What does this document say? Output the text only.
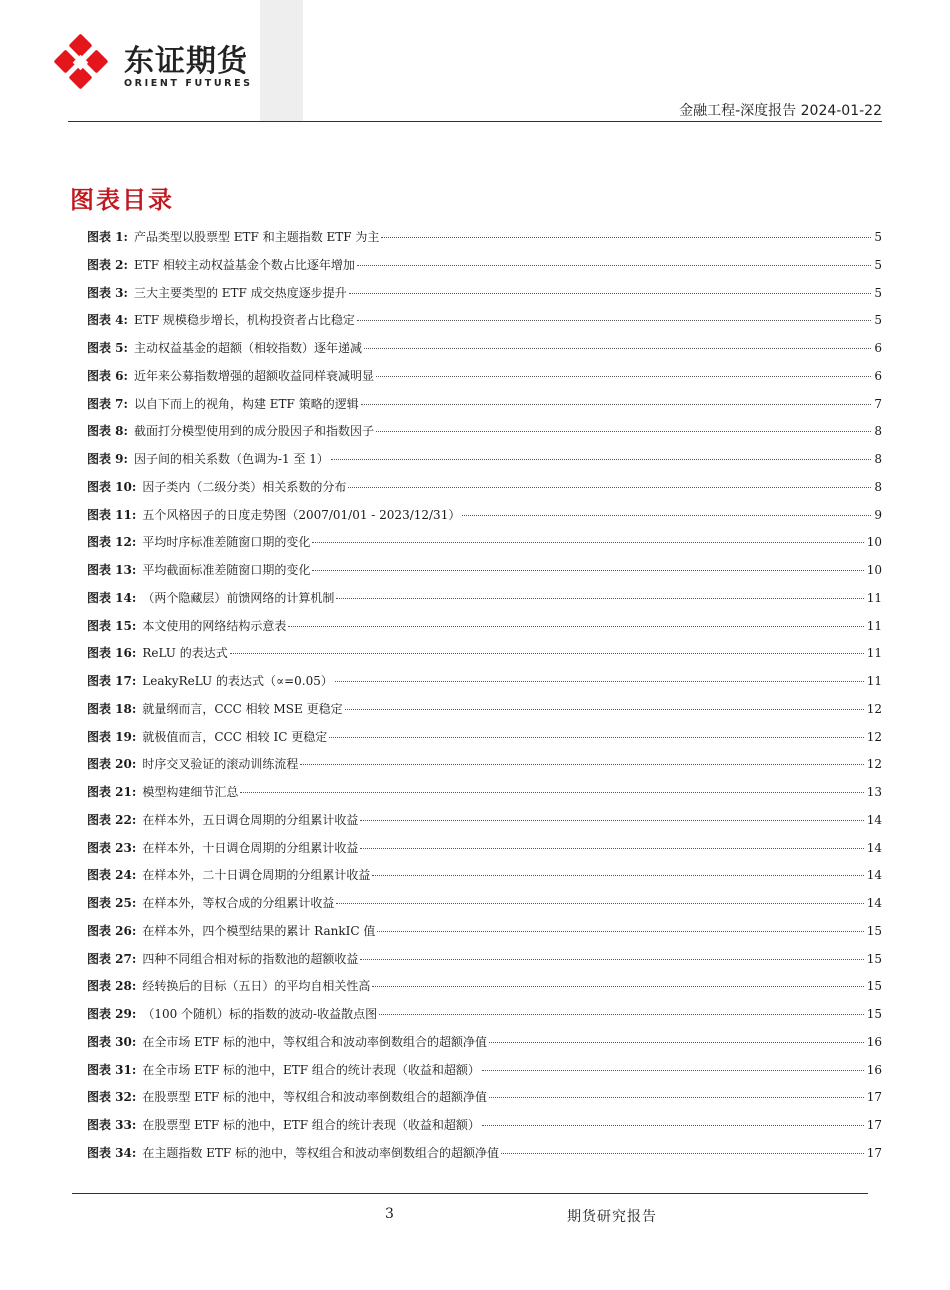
东证期货
ORIENT FUTURES
金融工程-深度报告 2024-01-22
图表目录
图表 1: 产品类型以股票型 ETF 和主题指数 ETF 为主	5
图表 2: ETF 相较主动权益基金个数占比逐年增加	5
图表 3: 三大主要类型的 ETF 成交热度逐步提升	5
图表 4: ETF 规模稳步增长，机构投资者占比稳定	5
图表 5: 主动权益基金的超额（相较指数）逐年递减	6
图表 6: 近年来公募指数增强的超额收益同样衰减明显	6
图表 7: 以自下而上的视角，构建 ETF 策略的逻辑	7
图表 8: 截面打分模型使用到的成分股因子和指数因子	8
图表 9: 因子间的相关系数（色调为-1 至 1）	8
图表 10: 因子类内（二级分类）相关系数的分布	8
图表 11: 五个风格因子的日度走势图（2007/01/01 - 2023/12/31）	9
图表 12: 平均时序标准差随窗口期的变化	10
图表 13: 平均截面标准差随窗口期的变化	10
图表 14: （两个隐藏层）前馈网络的计算机制	11
图表 15: 本文使用的网络结构示意表	11
图表 16: ReLU 的表达式	11
图表 17: LeakyReLU 的表达式（∝=0.05）	11
图表 18: 就量纲而言，CCC 相较 MSE 更稳定	12
图表 19: 就极值而言，CCC 相较 IC 更稳定	12
图表 20: 时序交叉验证的滚动训练流程	12
图表 21: 模型构建细节汇总	13
图表 22: 在样本外，五日调仓周期的分组累计收益	14
图表 23: 在样本外，十日调仓周期的分组累计收益	14
图表 24: 在样本外，二十日调仓周期的分组累计收益	14
图表 25: 在样本外，等权合成的分组累计收益	14
图表 26: 在样本外，四个模型结果的累计 RankIC 值	15
图表 27: 四种不同组合相对标的指数池的超额收益	15
图表 28: 经转换后的目标（五日）的平均自相关性高	15
图表 29: （100 个随机）标的指数的波动-收益散点图	15
图表 30: 在全市场 ETF 标的池中，等权组合和波动率倒数组合的超额净值	16
图表 31: 在全市场 ETF 标的池中，ETF 组合的统计表现（收益和超额）	16
图表 32: 在股票型 ETF 标的池中，等权组合和波动率倒数组合的超额净值	17
图表 33: 在股票型 ETF 标的池中，ETF 组合的统计表现（收益和超额）	17
图表 34: 在主题指数 ETF 标的池中，等权组合和波动率倒数组合的超额净值	17
3	期货研究报告
